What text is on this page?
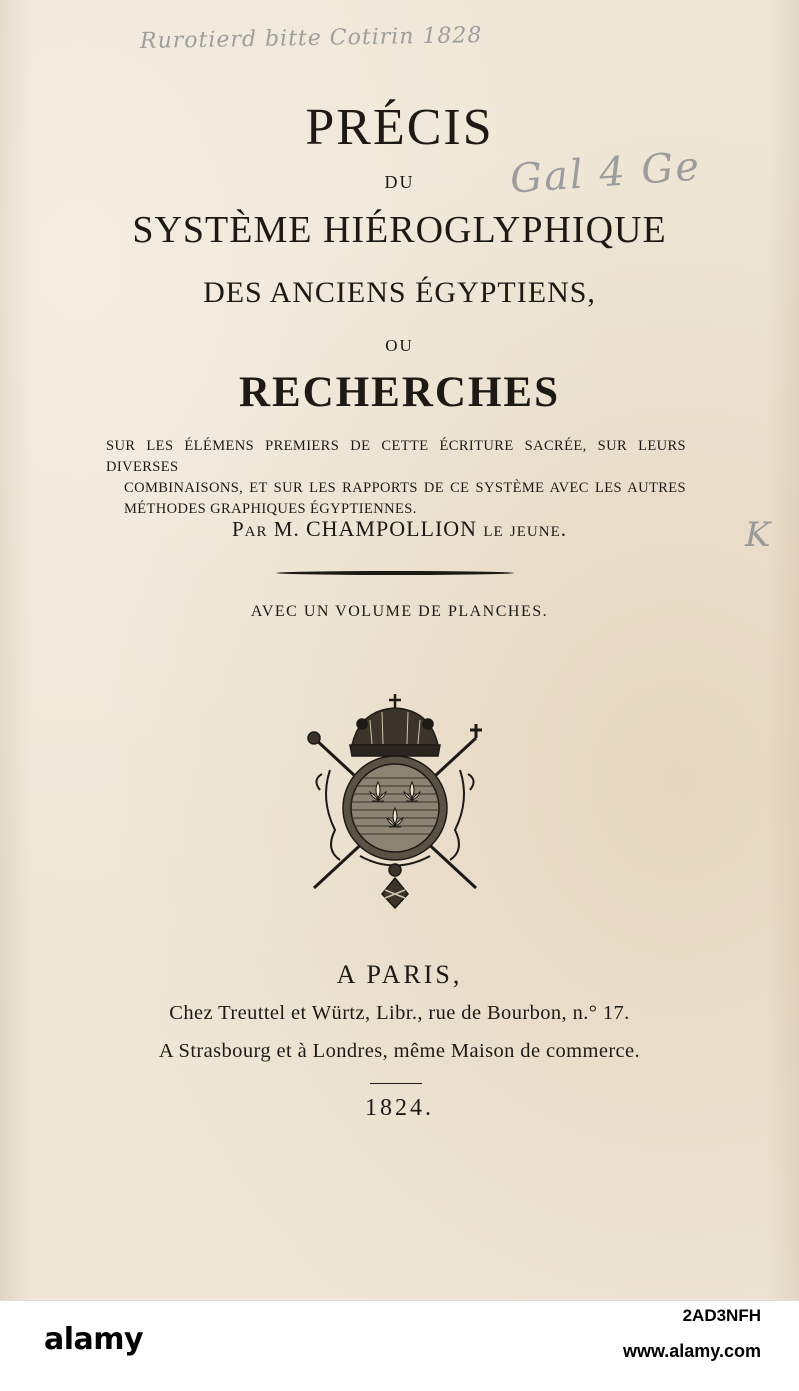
Rurotierd bitte Cotirin 1828
Gal 4 Ge
K
PRÉCIS
DU
SYSTÈME HIÉROGLYPHIQUE
DES ANCIENS ÉGYPTIENS,
OU
RECHERCHES
SUR LES ÉLÉMENS PREMIERS DE CETTE ÉCRITURE SACRÉE, SUR LEURS DIVERSES
COMBINAISONS, ET SUR LES RAPPORTS DE CE SYSTÈME AVEC LES AUTRES
MÉTHODES GRAPHIQUES ÉGYPTIENNES.
Par M. CHAMPOLLION le jeune.
AVEC UN VOLUME DE PLANCHES.
A PARIS,
Chez Treuttel et Würtz, Libr., rue de Bourbon, n.° 17.
A Strasbourg et à Londres, même Maison de commerce.
1824.
alamy
2AD3NFH
www.alamy.com
